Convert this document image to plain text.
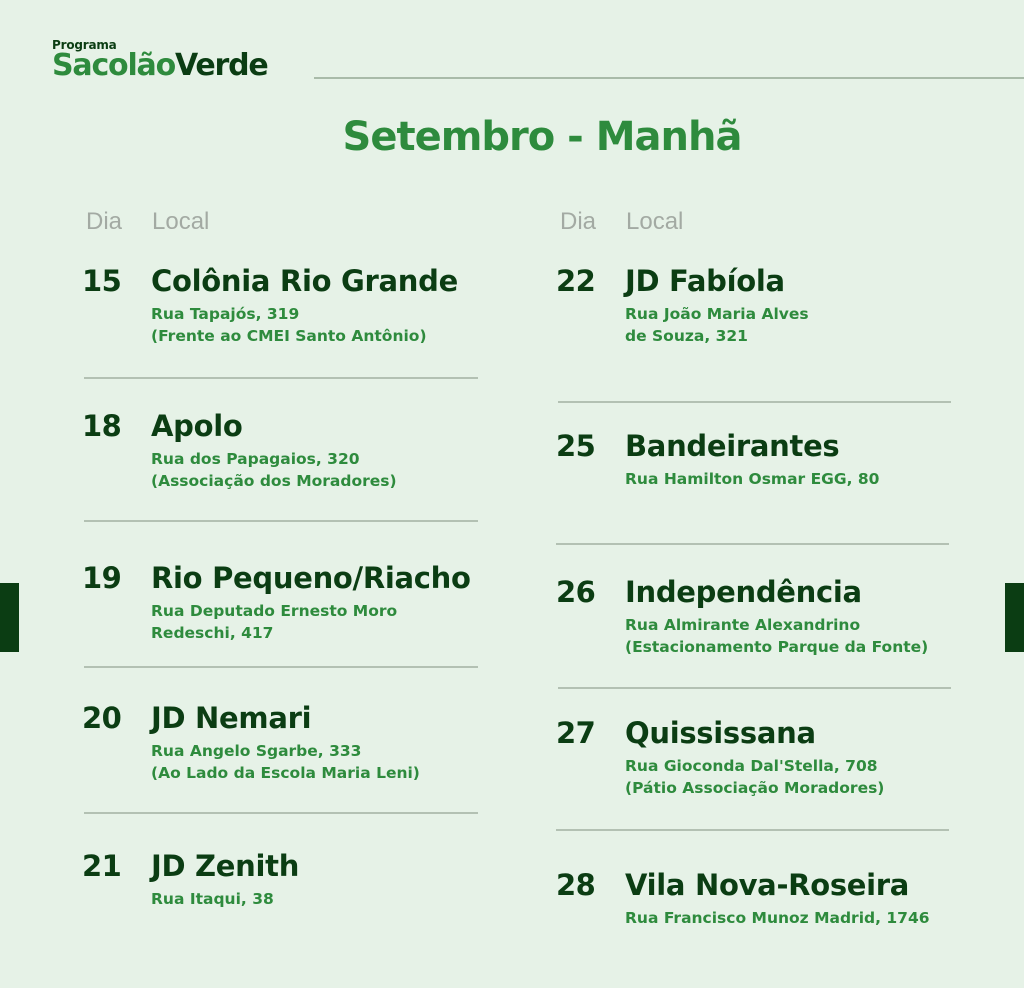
Programa
SacolãoVerde
Setembro - Manhã
Dia Local	Dia Local
15 Colônia Rio Grande
Rua Tapajós, 319
(Frente ao CMEI Santo Antônio)
18 Apolo
Rua dos Papagaios, 320
(Associação dos Moradores)
19 Rio Pequeno/Riacho
Rua Deputado Ernesto Moro
Redeschi, 417
20 JD Nemari
Rua Angelo Sgarbe, 333
(Ao Lado da Escola Maria Leni)
21 JD Zenith
Rua Itaqui, 38
22 JD Fabíola
Rua João Maria Alves
de Souza, 321
25 Bandeirantes
Rua Hamilton Osmar EGG, 80
26 Independência
Rua Almirante Alexandrino
(Estacionamento Parque da Fonte)
27 Quississana
Rua Gioconda Dal'Stella, 708
(Pátio Associação Moradores)
28 Vila Nova-Roseira
Rua Francisco Munoz Madrid, 1746
